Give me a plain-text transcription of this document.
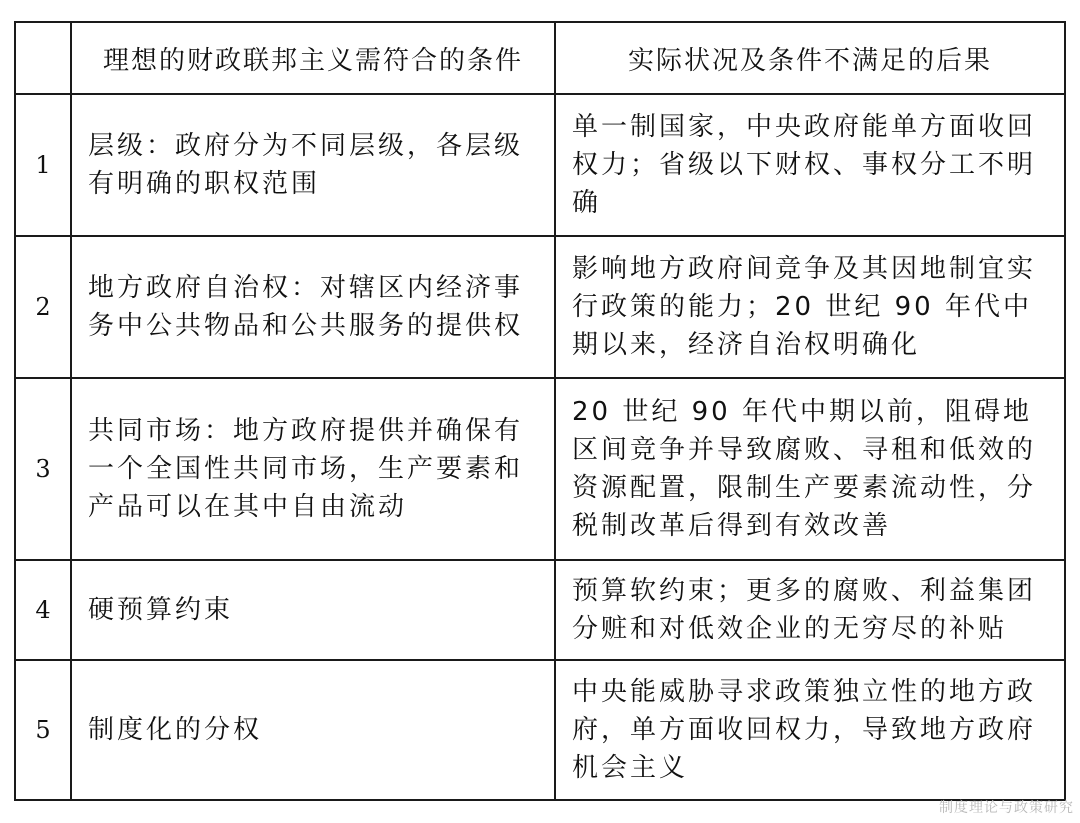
	理想的财政联邦主义需符合的条件	实际状况及条件不满足的后果
1	层级：政府分为不同层级，各层级有明确的职权范围	单一制国家，中央政府能单方面收回权力；省级以下财权、事权分工不明确
2	地方政府自治权：对辖区内经济事务中公共物品和公共服务的提供权	影响地方政府间竞争及其因地制宜实行政策的能力；20 世纪 90 年代中期以来，经济自治权明确化
3	共同市场：地方政府提供并确保有一个全国性共同市场，生产要素和产品可以在其中自由流动	20 世纪 90 年代中期以前，阻碍地区间竞争并导致腐败、寻租和低效的资源配置，限制生产要素流动性，分税制改革后得到有效改善
4	硬预算约束	预算软约束；更多的腐败、利益集团分赃和对低效企业的无穷尽的补贴
5	制度化的分权	中央能威胁寻求政策独立性的地方政府，单方面收回权力，导致地方政府机会主义
制度理论与政策研究
